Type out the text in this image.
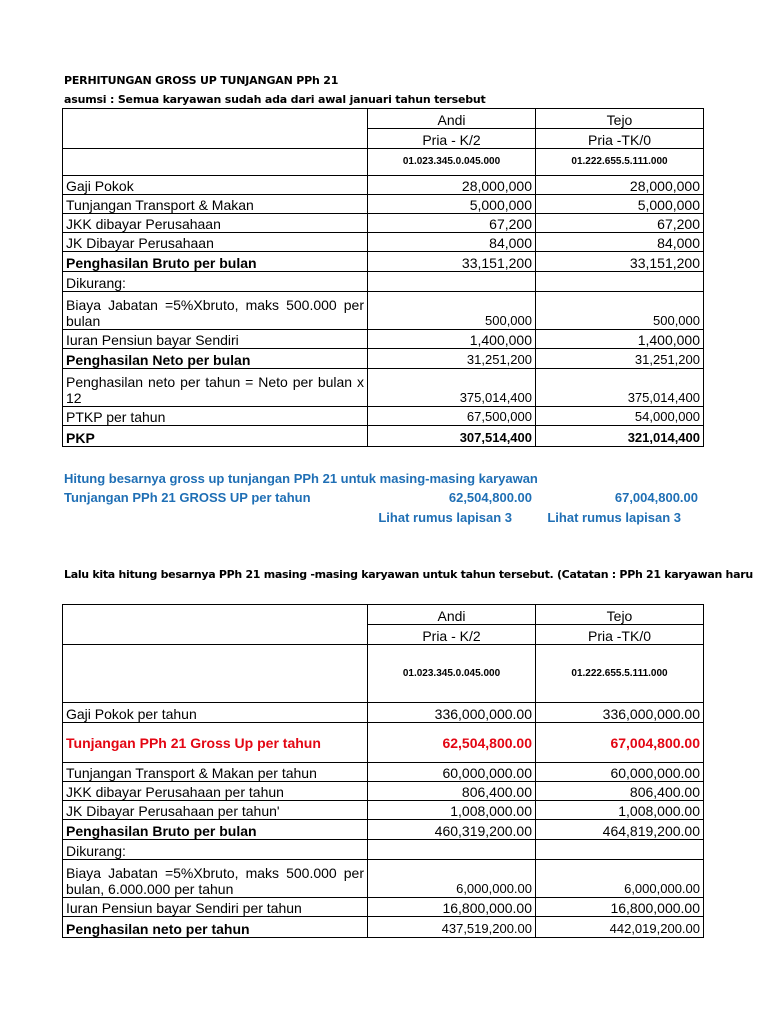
PERHITUNGAN GROSS UP TUNJANGAN PPh 21
asumsi : Semua karyawan sudah ada dari awal januari tahun tersebut
	Andi	Tejo
	Pria - K/2	Pria -TK/0
	01.023.345.0.045.000	01.222.655.5.111.000
Gaji Pokok	28,000,000	28,000,000
Tunjangan Transport & Makan	5,000,000	5,000,000
JKK dibayar Perusahaan	67,200	67,200
JK Dibayar Perusahaan	84,000	84,000
Penghasilan Bruto per bulan	33,151,200	33,151,200
Dikurang:		
Biaya Jabatan =5%Xbruto, maks 500.000 per bulan	500,000	500,000
Iuran Pensiun bayar Sendiri	1,400,000	1,400,000
Penghasilan Neto per bulan	31,251,200	31,251,200
Penghasilan neto per tahun = Neto per bulan x 12	375,014,400	375,014,400
PTKP per tahun	67,500,000	54,000,000
PKP	307,514,400	321,014,400
Hitung besarnya gross up tunjangan PPh 21 untuk masing-masing karyawan
Tunjangan PPh 21 GROSS UP per tahun	62,504,800.00	67,004,800.00
Lihat rumus lapisan 3	Lihat rumus lapisan 3
Lalu kita hitung besarnya PPh 21 masing -masing karyawan untuk tahun tersebut. (Catatan : PPh 21 karyawan haru
	Andi	Tejo
	Pria - K/2	Pria -TK/0
	01.023.345.0.045.000	01.222.655.5.111.000
Gaji Pokok per tahun	336,000,000.00	336,000,000.00
Tunjangan PPh 21 Gross Up per tahun	62,504,800.00	67,004,800.00
Tunjangan Transport & Makan per tahun	60,000,000.00	60,000,000.00
JKK dibayar Perusahaan per tahun	806,400.00	806,400.00
JK Dibayar Perusahaan per tahun'	1,008,000.00	1,008,000.00
Penghasilan Bruto per bulan	460,319,200.00	464,819,200.00
Dikurang:		
Biaya Jabatan =5%Xbruto, maks 500.000 per bulan, 6.000.000 per tahun	6,000,000.00	6,000,000.00
Iuran Pensiun bayar Sendiri per tahun	16,800,000.00	16,800,000.00
Penghasilan neto per tahun	437,519,200.00	442,019,200.00
